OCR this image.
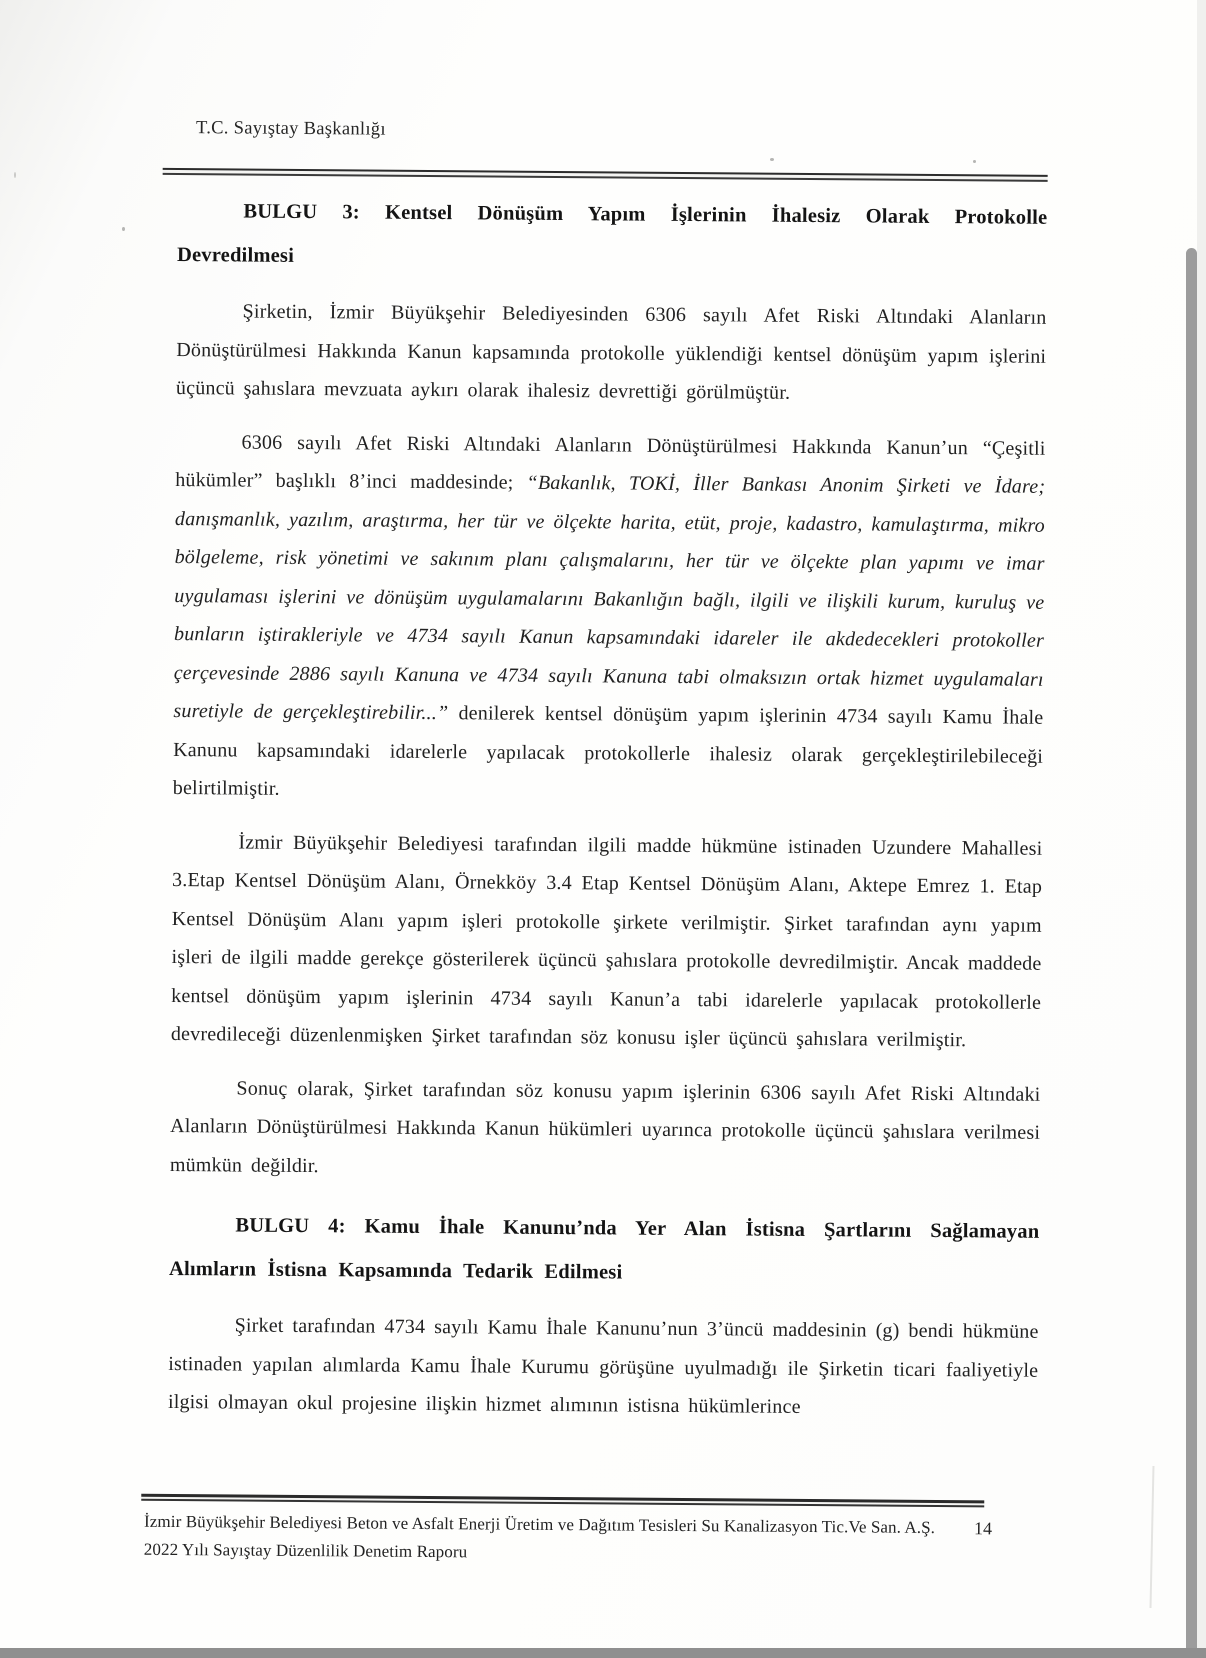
T.C. Sayıştay Başkanlığı
BULGU 3: Kentsel Dönüşüm Yapım İşlerinin İhalesiz Olarak Protokolle Devredilmesi

Şirketin, İzmir Büyükşehir Belediyesinden 6306 sayılı Afet Riski Altındaki Alanların Dönüştürülmesi Hakkında Kanun kapsamında protokolle yüklendiği kentsel dönüşüm yapım işlerini üçüncü şahıslara mevzuata aykırı olarak ihalesiz devrettiği görülmüştür.

6306 sayılı Afet Riski Altındaki Alanların Dönüştürülmesi Hakkında Kanun’un “Çeşitli hükümler” başlıklı 8’inci maddesinde; “Bakanlık, TOKİ, İller Bankası Anonim Şirketi ve İdare; danışmanlık, yazılım, araştırma, her tür ve ölçekte harita, etüt, proje, kadastro, kamulaştırma, mikro bölgeleme, risk yönetimi ve sakınım planı çalışmalarını, her tür ve ölçekte plan yapımı ve imar uygulaması işlerini ve dönüşüm uygulamalarını Bakanlığın bağlı, ilgili ve ilişkili kurum, kuruluş ve bunların iştirakleriyle ve 4734 sayılı Kanun kapsamındaki idareler ile akdedecekleri protokoller çerçevesinde 2886 sayılı Kanuna ve 4734 sayılı Kanuna tabi olmaksızın ortak hizmet uygulamaları suretiyle de gerçekleştirebilir...” denilerek kentsel dönüşüm yapım işlerinin 4734 sayılı Kamu İhale Kanunu kapsamındaki idarelerle yapılacak protokollerle ihalesiz olarak gerçekleştirilebileceği belirtilmiştir.

İzmir Büyükşehir Belediyesi tarafından ilgili madde hükmüne istinaden Uzundere Mahallesi 3.Etap Kentsel Dönüşüm Alanı, Örnekköy 3.4 Etap Kentsel Dönüşüm Alanı, Aktepe Emrez 1. Etap Kentsel Dönüşüm Alanı yapım işleri protokolle şirkete verilmiştir. Şirket tarafından aynı yapım işleri de ilgili madde gerekçe gösterilerek üçüncü şahıslara protokolle devredilmiştir. Ancak maddede kentsel dönüşüm yapım işlerinin 4734 sayılı Kanun’a tabi idarelerle yapılacak protokollerle devredileceği düzenlenmişken Şirket tarafından söz konusu işler üçüncü şahıslara verilmiştir.

Sonuç olarak, Şirket tarafından söz konusu yapım işlerinin 6306 sayılı Afet Riski Altındaki Alanların Dönüştürülmesi Hakkında Kanun hükümleri uyarınca protokolle üçüncü şahıslara verilmesi mümkün değildir.

BULGU 4: Kamu İhale Kanunu’nda Yer Alan İstisna Şartlarını Sağlamayan Alımların İstisna Kapsamında Tedarik Edilmesi

Şirket tarafından 4734 sayılı Kamu İhale Kanunu’nun 3’üncü maddesinin (g) bendi hükmüne istinaden yapılan alımlarda Kamu İhale Kurumu görüşüne uyulmadığı ile Şirketin ticari faaliyetiyle ilgisi olmayan okul projesine ilişkin hizmet alımının istisna hükümlerince

İzmir Büyükşehir Belediyesi Beton ve Asfalt Enerji Üretim ve Dağıtım Tesisleri Su Kanalizasyon Tic.Ve San. A.Ş. 2022 Yılı Sayıştay Düzenlilik Denetim Raporu
14
